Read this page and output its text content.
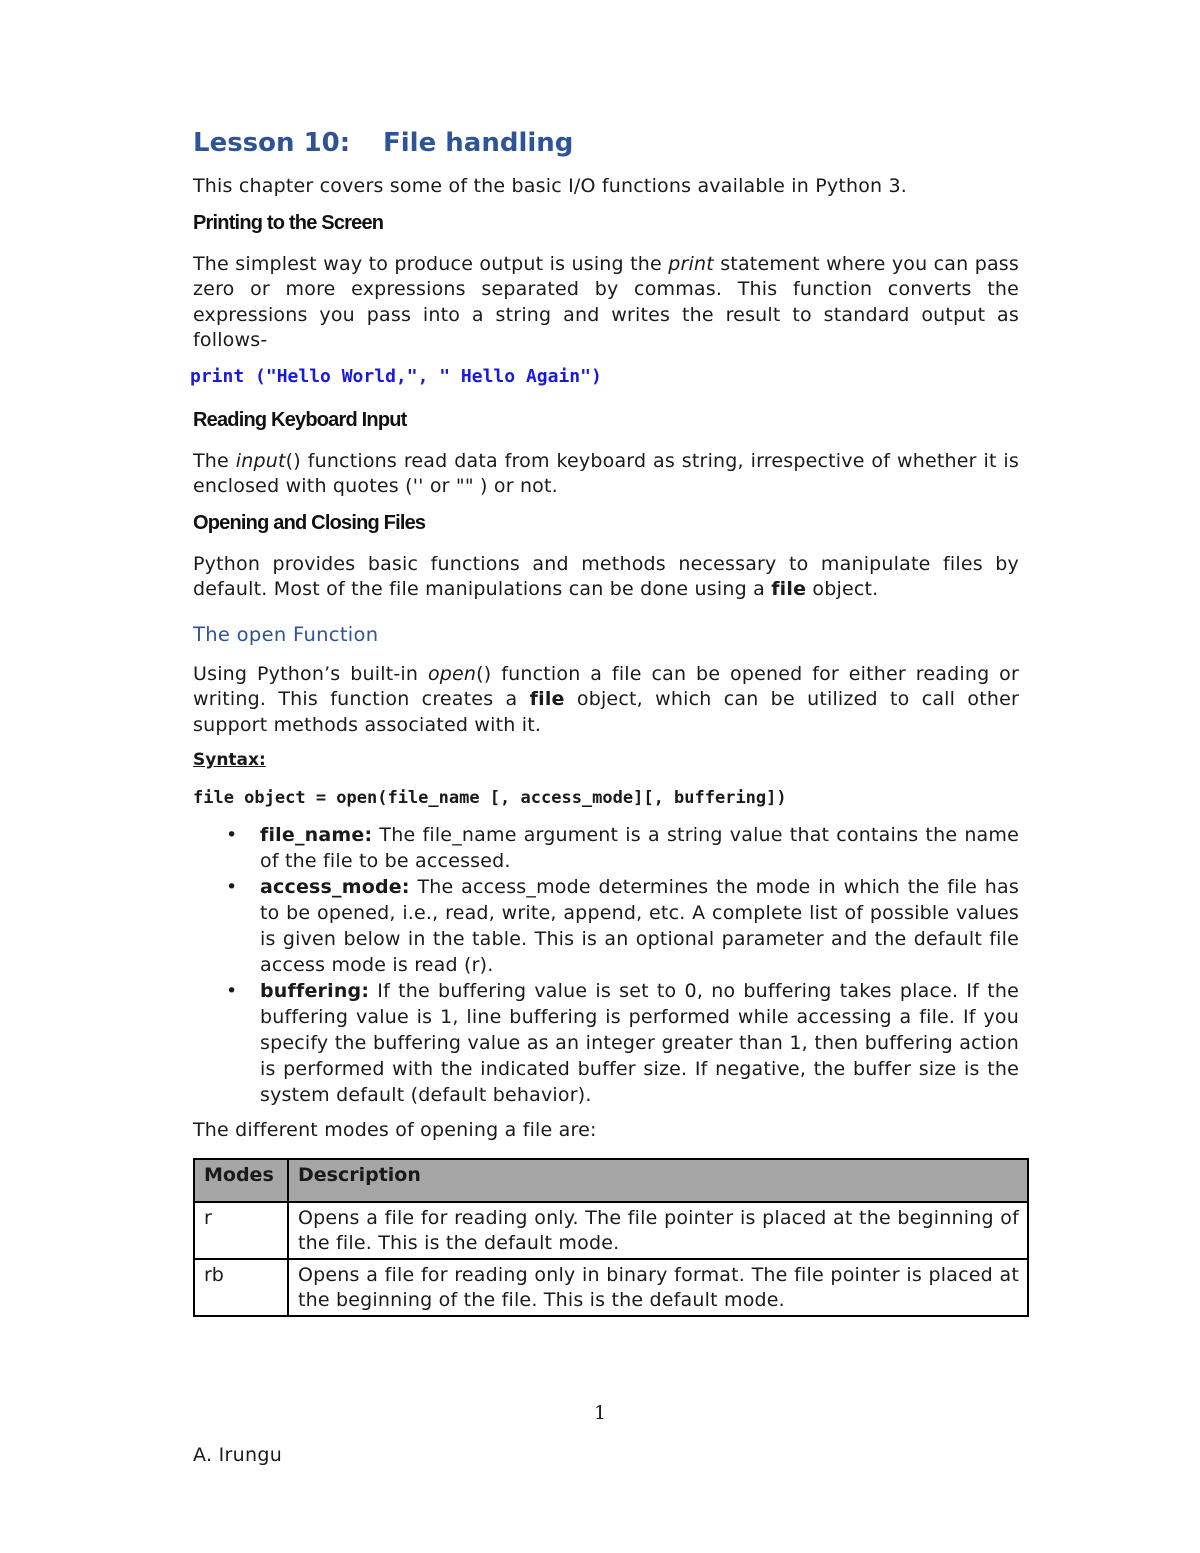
Lesson 10: File handling

This chapter covers some of the basic I/O functions available in Python 3.

Printing to the Screen

The simplest way to produce output is using the print statement where you can pass zero or more expressions separated by commas. This function converts the expressions you pass into a string and writes the result to standard output as follows-

print ("Hello World,", " Hello Again")
Reading Keyboard Input

The input() functions read data from keyboard as string, irrespective of whether it is enclosed with quotes ('' or "" ) or not.

Opening and Closing Files

Python provides basic functions and methods necessary to manipulate files by default. Most of the file manipulations can be done using a file object.

The open Function

Using Python’s built-in open() function a file can be opened for either reading or writing. This function creates a file object, which can be utilized to call other support methods associated with it.

Syntax:
file object = open(file_name [, access_mode][, buffering])
• file_name: The file_name argument is a string value that contains the name of the file to be accessed.
• access_mode: The access_mode determines the mode in which the file has to be opened, i.e., read, write, append, etc. A complete list of possible values is given below in the table. This is an optional parameter and the default file access mode is read (r).
• buffering: If the buffering value is set to 0, no buffering takes place. If the buffering value is 1, line buffering is performed while accessing a file. If you specify the buffering value as an integer greater than 1, then buffering action is performed with the indicated buffer size. If negative, the buffer size is the system default (default behavior).

The different modes of opening a file are:

Modes	Description
r	Opens a file for reading only. The file pointer is placed at the beginning of the file. This is the default mode.
rb	Opens a file for reading only in binary format. The file pointer is placed at the beginning of the file. This is the default mode.
1
A. Irungu
